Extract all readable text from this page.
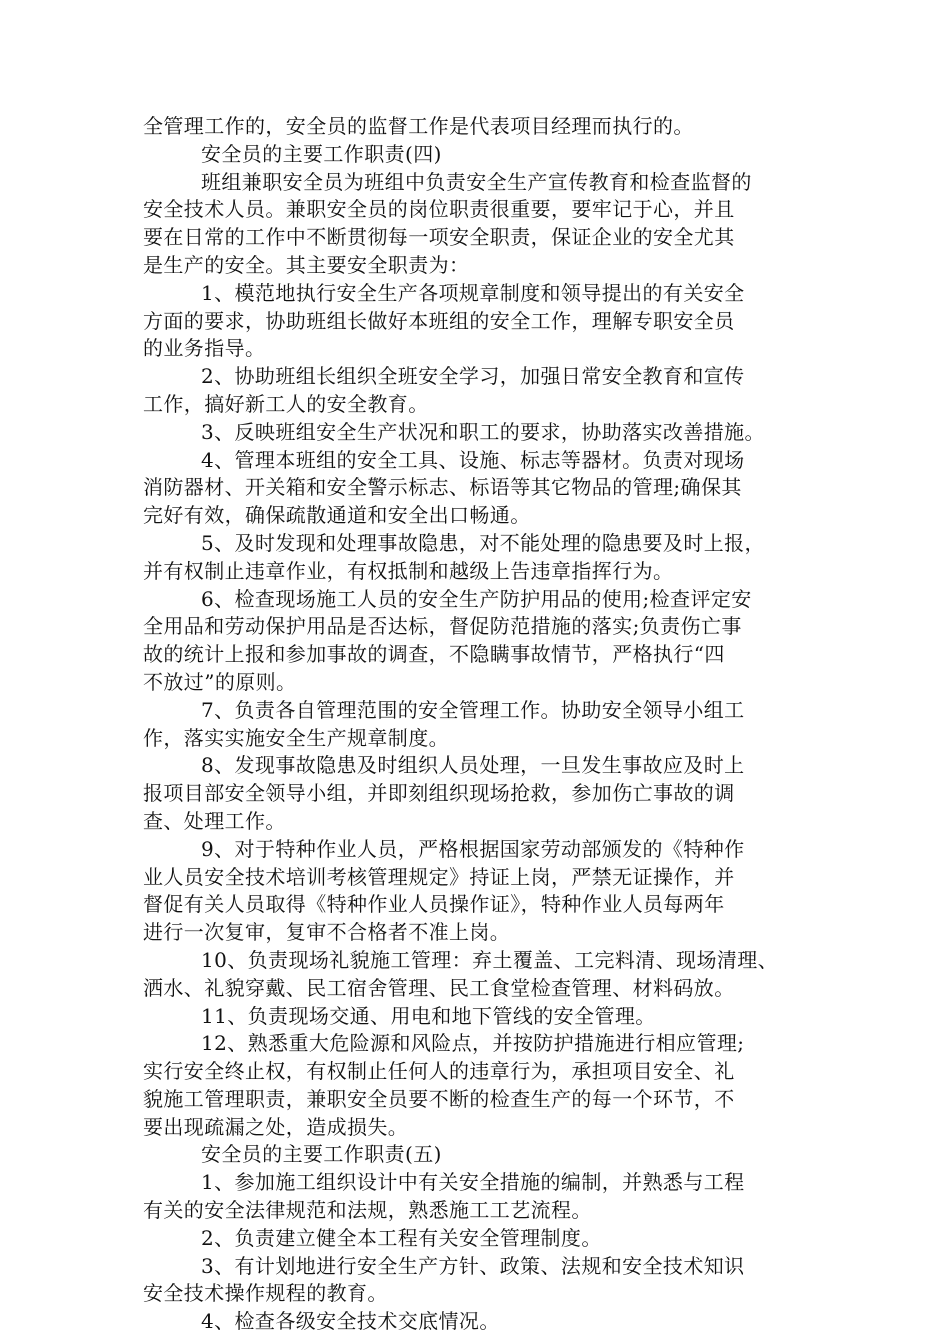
全管理工作的，安全员的监督工作是代表项目经理而执行的。
安全员的主要工作职责(四)
班组兼职安全员为班组中负责安全生产宣传教育和检查监督的
安全技术人员。兼职安全员的岗位职责很重要，要牢记于心，并且
要在日常的工作中不断贯彻每一项安全职责，保证企业的安全尤其
是生产的安全。其主要安全职责为：
1、模范地执行安全生产各项规章制度和领导提出的有关安全
方面的要求，协助班组长做好本班组的安全工作，理解专职安全员
的业务指导。
2、协助班组长组织全班安全学习，加强日常安全教育和宣传
工作，搞好新工人的安全教育。
3、反映班组安全生产状况和职工的要求，协助落实改善措施。
4、管理本班组的安全工具、设施、标志等器材。负责对现场
消防器材、开关箱和安全警示标志、标语等其它物品的管理;确保其
完好有效，确保疏散通道和安全出口畅通。
5、及时发现和处理事故隐患，对不能处理的隐患要及时上报，
并有权制止违章作业，有权抵制和越级上告违章指挥行为。
6、检查现场施工人员的安全生产防护用品的使用;检查评定安
全用品和劳动保护用品是否达标，督促防范措施的落实;负责伤亡事
故的统计上报和参加事故的调查，不隐瞒事故情节，严格执行“四
不放过”的原则。
7、负责各自管理范围的安全管理工作。协助安全领导小组工
作，落实实施安全生产规章制度。
8、发现事故隐患及时组织人员处理，一旦发生事故应及时上
报项目部安全领导小组，并即刻组织现场抢救，参加伤亡事故的调
查、处理工作。
9、对于特种作业人员，严格根据国家劳动部颁发的《特种作
业人员安全技术培训考核管理规定》持证上岗，严禁无证操作，并
督促有关人员取得《特种作业人员操作证》，特种作业人员每两年
进行一次复审，复审不合格者不准上岗。
10、负责现场礼貌施工管理：弃土覆盖、工完料清、现场清理、
洒水、礼貌穿戴、民工宿舍管理、民工食堂检查管理、材料码放。
11、负责现场交通、用电和地下管线的安全管理。
12、熟悉重大危险源和风险点，并按防护措施进行相应管理;
实行安全终止权，有权制止任何人的违章行为，承担项目安全、礼
貌施工管理职责，兼职安全员要不断的检查生产的每一个环节，不
要出现疏漏之处，造成损失。
安全员的主要工作职责(五)
1、参加施工组织设计中有关安全措施的编制，并熟悉与工程
有关的安全法律规范和法规，熟悉施工工艺流程。
2、负责建立健全本工程有关安全管理制度。
3、有计划地进行安全生产方针、政策、法规和安全技术知识
安全技术操作规程的教育。
4、检查各级安全技术交底情况。
